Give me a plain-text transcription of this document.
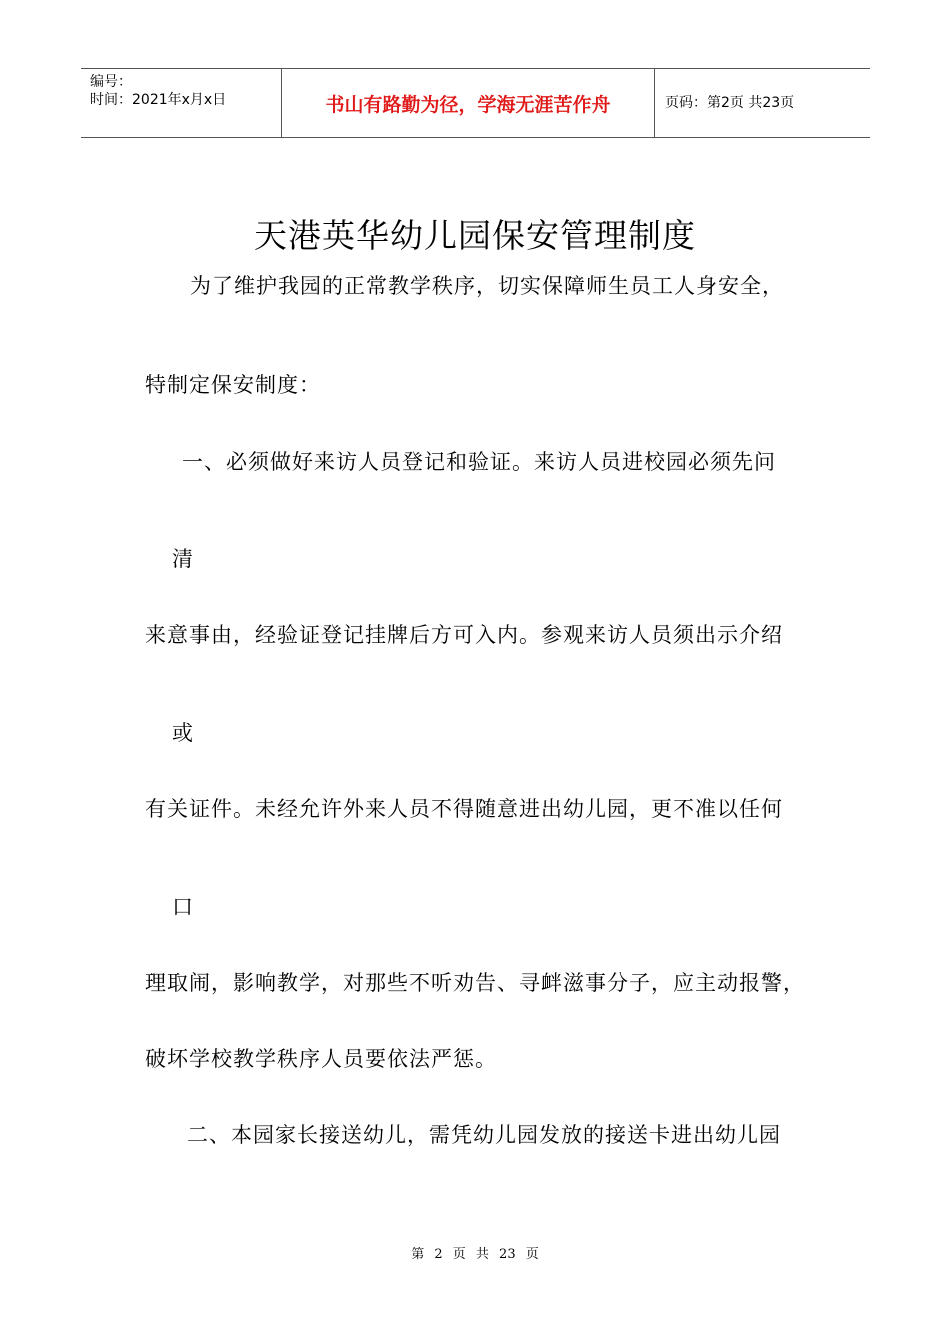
编号：
时间：2021年x月x日	书山有路勤为径，学海无涯苦作舟	页码：第2页 共23页
天港英华幼儿园保安管理制度
为了维护我园的正常教学秩序，切实保障师生员工人身安全，
特制定保安制度：
一、必须做好来访人员登记和验证。来访人员进校园必须先问
清
来意事由，经验证登记挂牌后方可入内。参观来访人员须出示介绍
或
有关证件。未经允许外来人员不得随意进出幼儿园，更不准以任何
口
理取闹，影响教学，对那些不听劝告、寻衅滋事分子，应主动报警，
破坏学校教学秩序人员要依法严惩。
二、本园家长接送幼儿，需凭幼儿园发放的接送卡进出幼儿园
第 2 页 共 23 页
